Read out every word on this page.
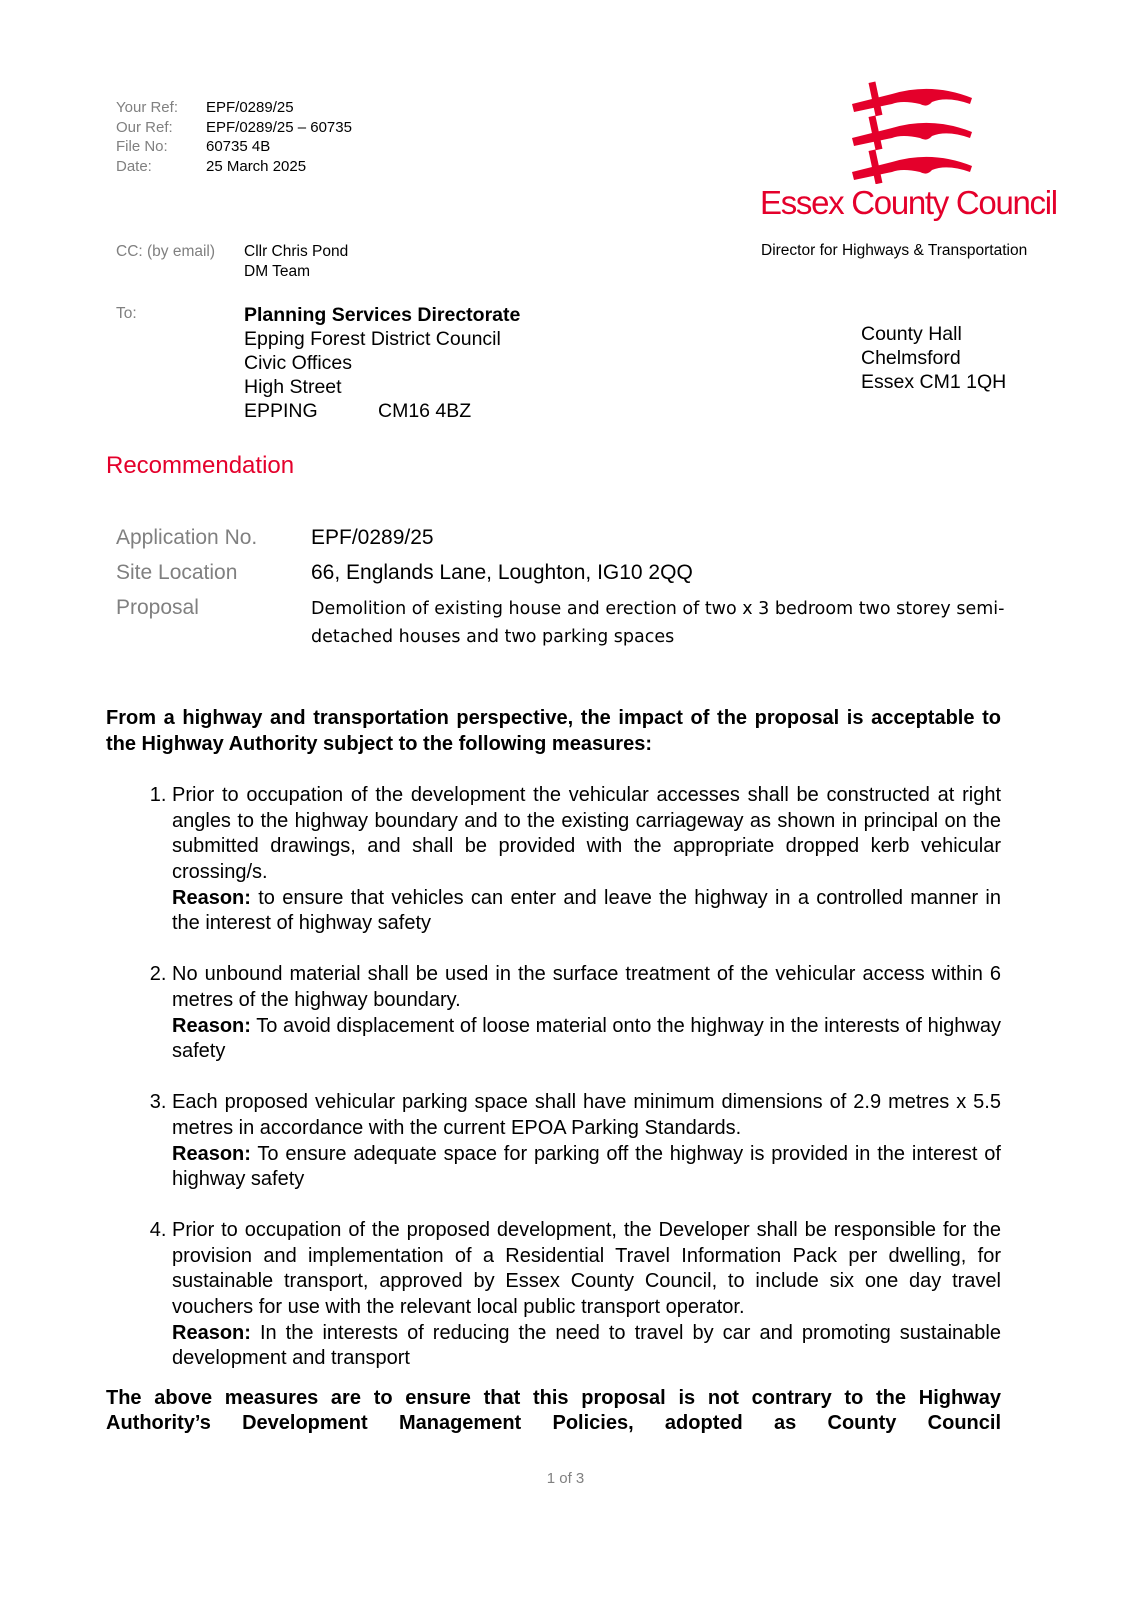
Your Ref:	EPF/0289/25
Our Ref:	EPF/0289/25 – 60735
File No:	60735 4B
Date:	25 March 2025
CC: (by email)	Cllr Chris Pond
DM Team
To:	Planning Services Directorate
Epping Forest District Council
Civic Offices
High Street
EPPING	CM16 4BZ
Essex County Council
Director for Highways & Transportation
County Hall
Chelmsford
Essex CM1 1QH
Recommendation
Application No.	EPF/0289/25
Site Location	66, Englands Lane, Loughton, IG10 2QQ
Proposal	Demolition of existing house and erection of two x 3 bedroom two storey semi-detached houses and two parking spaces
From a highway and transportation perspective, the impact of the proposal is acceptable to the Highway Authority subject to the following measures:
1. Prior to occupation of the development the vehicular accesses shall be constructed at right angles to the highway boundary and to the existing carriageway as shown in principal on the submitted drawings, and shall be provided with the appropriate dropped kerb vehicular crossing/s.
Reason: to ensure that vehicles can enter and leave the highway in a controlled manner in the interest of highway safety
2. No unbound material shall be used in the surface treatment of the vehicular access within 6 metres of the highway boundary.
Reason: To avoid displacement of loose material onto the highway in the interests of highway safety
3. Each proposed vehicular parking space shall have minimum dimensions of 2.9 metres x 5.5 metres in accordance with the current EPOA Parking Standards.
Reason: To ensure adequate space for parking off the highway is provided in the interest of highway safety
4. Prior to occupation of the proposed development, the Developer shall be responsible for the provision and implementation of a Residential Travel Information Pack per dwelling, for sustainable transport, approved by Essex County Council, to include six one day travel vouchers for use with the relevant local public transport operator.
Reason: In the interests of reducing the need to travel by car and promoting sustainable development and transport
The above measures are to ensure that this proposal is not contrary to the Highway Authority’s Development Management Policies, adopted as County Council
1 of 3
